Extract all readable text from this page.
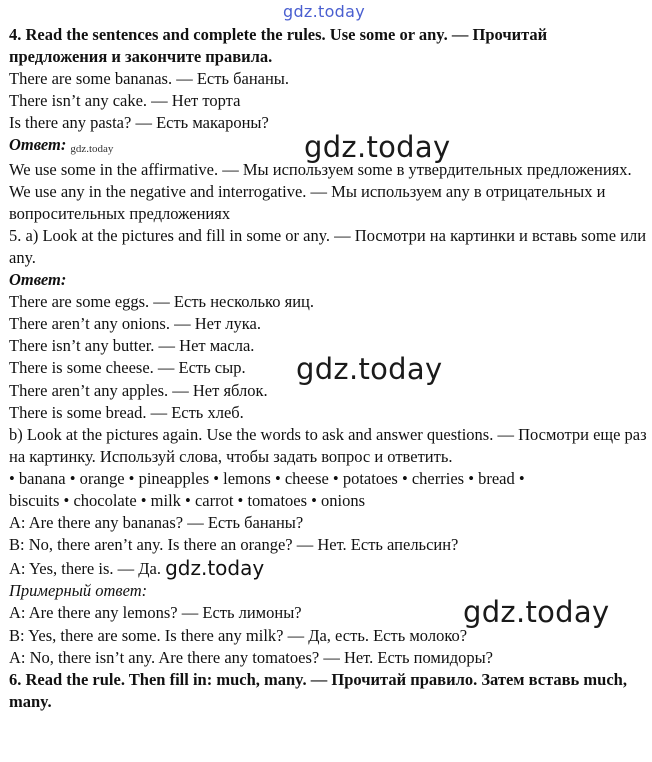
gdz.today
gdz.today
gdz.today
gdz.today
4. Read the sentences and complete the rules. Use some or any. — Прочитай предложения и закончите правила.
There are some bananas. — Есть бананы.
There isn’t any cake. — Нет торта
Is there any pasta? — Есть макароны?
Ответ: gdz.today
We use some in the affirmative. — Мы используем some в утвердительных предложениях.
We use any in the negative and interrogative. — Мы используем any в отрицательных и вопросительных предложениях
5. a) Look at the pictures and fill in some or any. — Посмотри на картинки и вставь some или any.
Ответ:
There are some eggs. — Есть несколько яиц.
There aren’t any onions. — Нет лука.
There isn’t any butter. — Нет масла.
There is some cheese. — Есть сыр.
There aren’t any apples. — Нет яблок.
There is some bread. — Есть хлеб.
b) Look at the pictures again. Use the words to ask and answer questions. — Посмотри еще раз на картинку. Используй слова, чтобы задать вопрос и ответить.
• banana • orange • pineapples • lemons • cheese • potatoes • cherries • bread •
biscuits • chocolate • milk • carrot • tomatoes • onions
A: Are there any bananas? — Есть бананы?
B: No, there aren’t any. Is there an orange? — Нет. Есть апельсин?
A: Yes, there is. — Да. gdz.today
Примерный ответ:
A: Are there any lemons? — Есть лимоны?
B: Yes, there are some. Is there any milk? — Да, есть. Есть молоко?
A: No, there isn’t any. Are there any tomatoes? — Нет. Есть помидоры?
6. Read the rule. Then fill in: much, many. — Прочитай правило. Затем вставь much, many.
